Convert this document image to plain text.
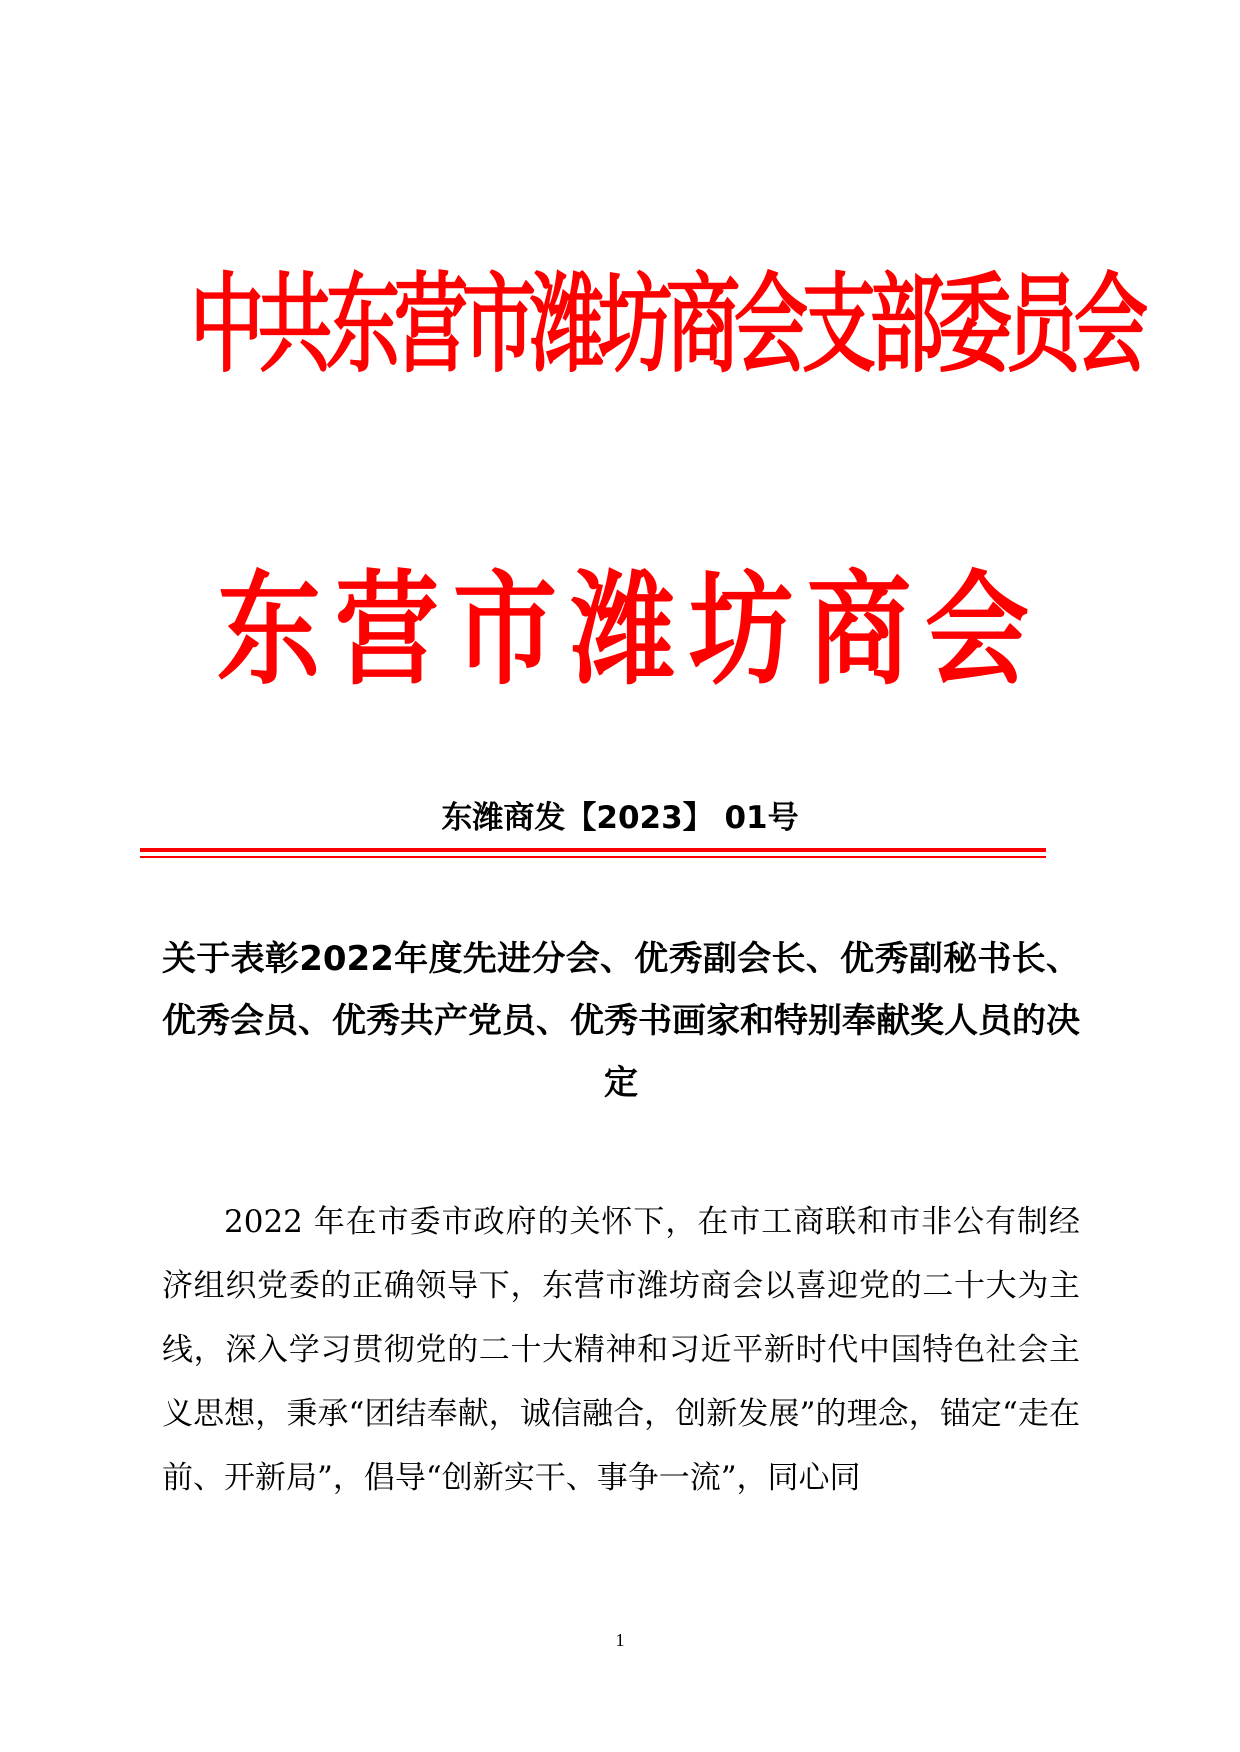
中共东营市潍坊商会支部委员会
东营市潍坊商会
东潍商发【2023】 01号
关于表彰2022年度先进分会、优秀副会长、优秀副秘书长、优秀会员、优秀共产党员、优秀书画家和特别奉献奖人员的决定
2022 年在市委市政府的关怀下，在市工商联和市非公有制经济组织党委的正确领导下，东营市潍坊商会以喜迎党的二十大为主线，深入学习贯彻党的二十大精神和习近平新时代中国特色社会主义思想，秉承“团结奉献，诚信融合，创新发展”的理念，锚定“走在前、开新局”，倡导“创新实干、事争一流”，同心同
1
